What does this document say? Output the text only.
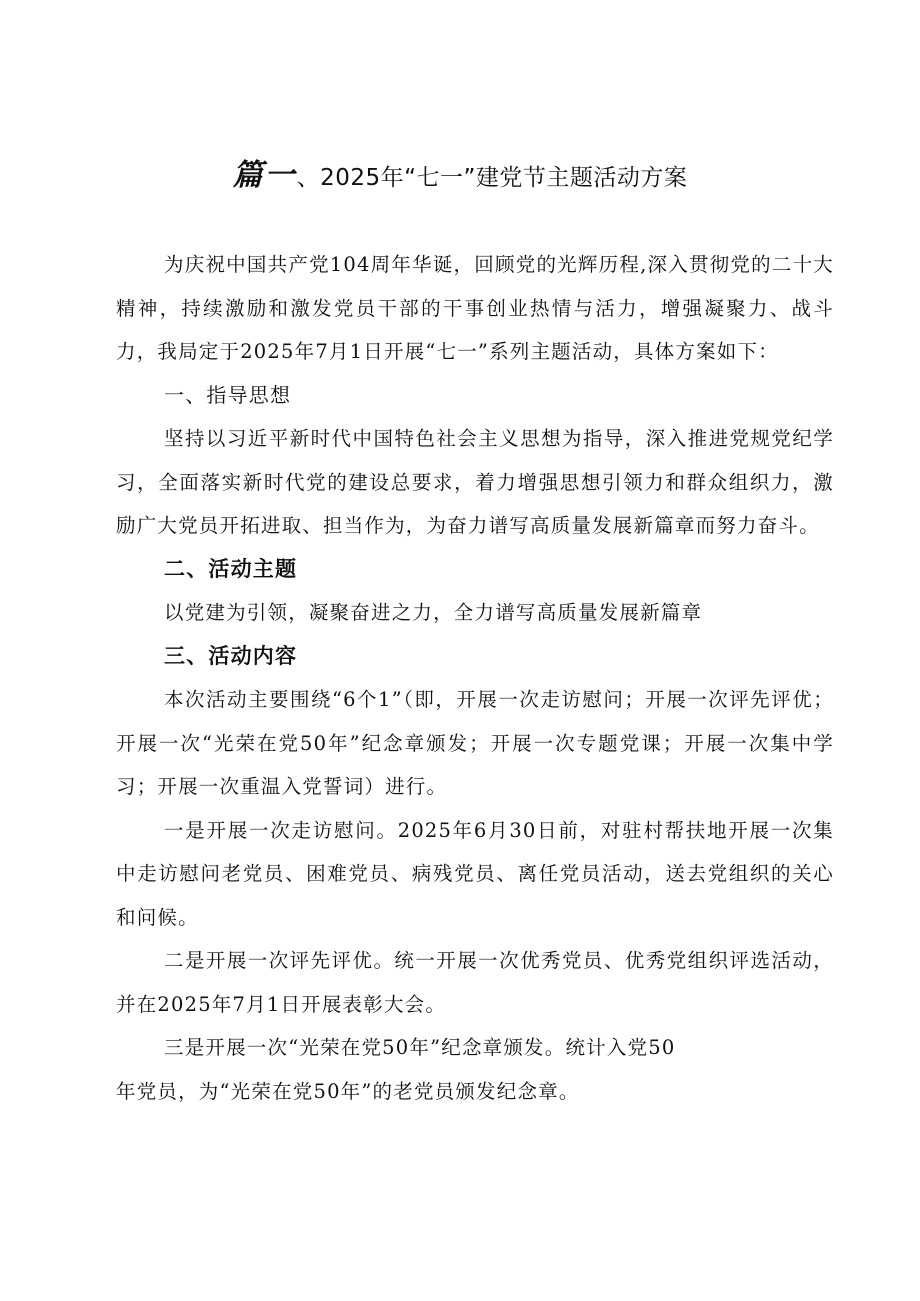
篇一、2025年“七一”建党节主题活动方案

为庆祝中国共产党104周年华诞，回顾党的光辉历程,深入贯彻党的二十大精神，持续激励和激发党员干部的干事创业热情与活力，增强凝聚力、战斗力，我局定于2025年7月1日开展“七一”系列主题活动，具体方案如下：

一、指导思想

坚持以习近平新时代中国特色社会主义思想为指导，深入推进党规党纪学习，全面落实新时代党的建设总要求，着力增强思想引领力和群众组织力，激励广大党员开拓进取、担当作为，为奋力谱写高质量发展新篇章而努力奋斗。

二、活动主题

以党建为引领，凝聚奋进之力，全力谱写高质量发展新篇章

三、活动内容

本次活动主要围绕“6个1”（即，开展一次走访慰问；开展一次评先评优；开展一次“光荣在党50年”纪念章颁发；开展一次专题党课；开展一次集中学习；开展一次重温入党誓词）进行。

一是开展一次走访慰问。2025年6月30日前，对驻村帮扶地开展一次集中走访慰问老党员、困难党员、病残党员、离任党员活动，送去党组织的关心和问候。

二是开展一次评先评优。统一开展一次优秀党员、优秀党组织评选活动，并在2025年7月1日开展表彰大会。

三是开展一次“光荣在党50年”纪念章颁发。统计入党50
年党员，为“光荣在党50年”的老党员颁发纪念章。
